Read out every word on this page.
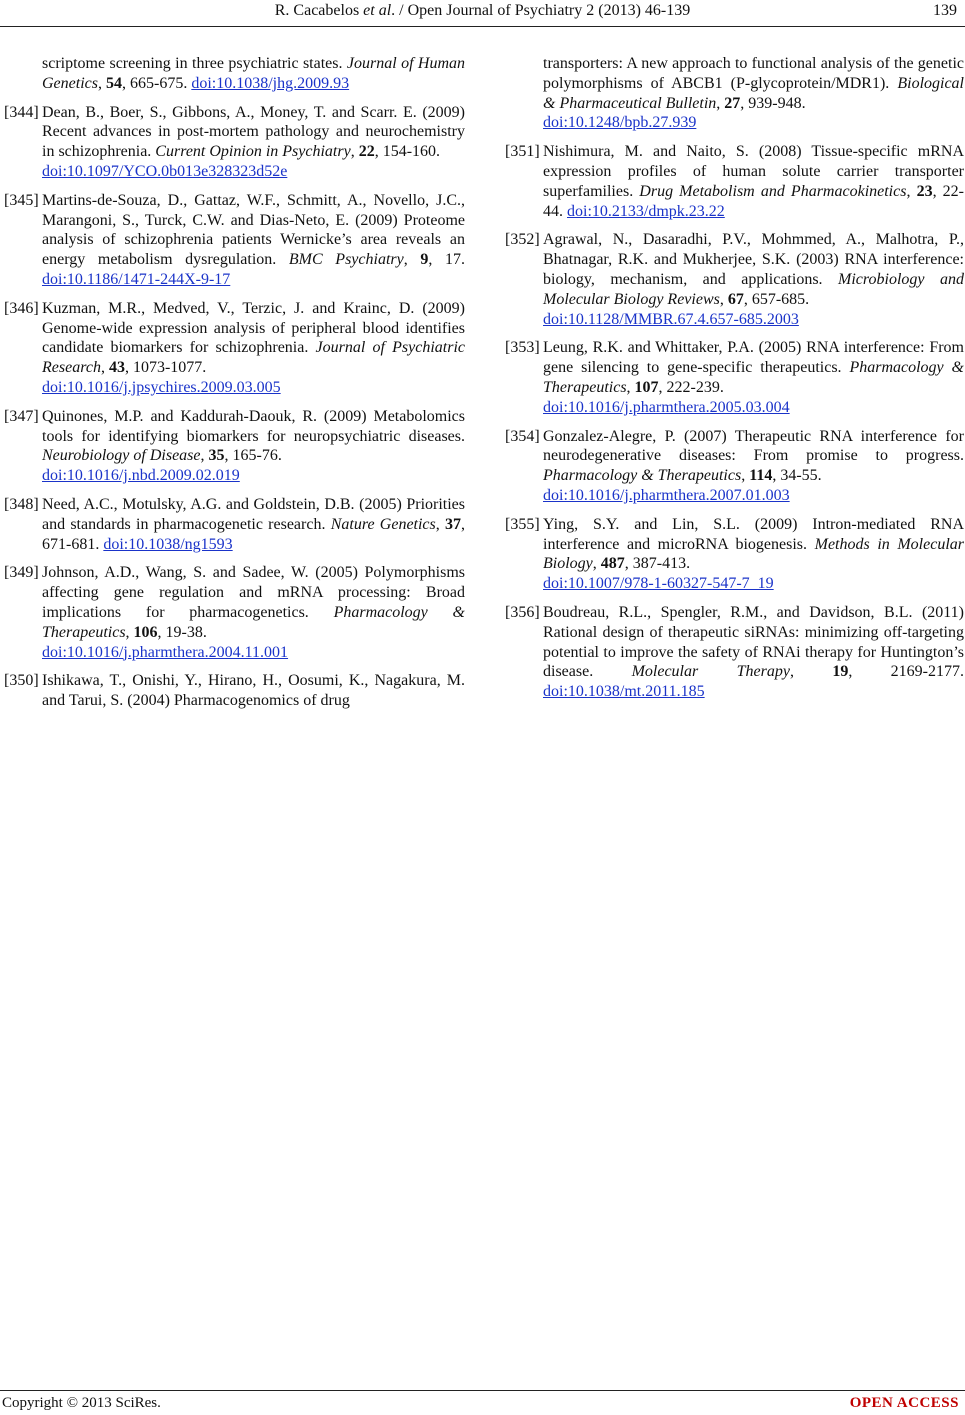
R. Cacabelos et al. / Open Journal of Psychiatry 2 (2013) 46-139	139
scriptome screening in three psychiatric states. Journal of Human Genetics, 54, 665-675. doi:10.1038/jhg.2009.93
[344] Dean, B., Boer, S., Gibbons, A., Money, T. and Scarr. E. (2009) Recent advances in post-mortem pathology and neurochemistry in schizophrenia. Current Opinion in Psychiatry, 22, 154-160.
doi:10.1097/YCO.0b013e328323d52e
[345] Martins-de-Souza, D., Gattaz, W.F., Schmitt, A., Novello, J.C., Marangoni, S., Turck, C.W. and Dias-Neto, E. (2009) Proteome analysis of schizophrenia patients Wernicke’s area reveals an energy metabolism dysregulation. BMC Psychiatry, 9, 17. doi:10.1186/1471-244X-9-17
[346] Kuzman, M.R., Medved, V., Terzic, J. and Krainc, D. (2009) Genome-wide expression analysis of peripheral blood identifies candidate biomarkers for schizophrenia. Journal of Psychiatric Research, 43, 1073-1077.
doi:10.1016/j.jpsychires.2009.03.005
[347] Quinones, M.P. and Kaddurah-Daouk, R. (2009) Metabolomics tools for identifying biomarkers for neuropsychiatric diseases. Neurobiology of Disease, 35, 165-76.
doi:10.1016/j.nbd.2009.02.019
[348] Need, A.C., Motulsky, A.G. and Goldstein, D.B. (2005) Priorities and standards in pharmacogenetic research. Nature Genetics, 37, 671-681. doi:10.1038/ng1593
[349] Johnson, A.D., Wang, S. and Sadee, W. (2005) Polymorphisms affecting gene regulation and mRNA processing: Broad implications for pharmacogenetics. Pharmacology & Therapeutics, 106, 19-38.
doi:10.1016/j.pharmthera.2004.11.001
[350] Ishikawa, T., Onishi, Y., Hirano, H., Oosumi, K., Nagakura, M. and Tarui, S. (2004) Pharmacogenomics of drug
transporters: A new approach to functional analysis of the genetic polymorphisms of ABCB1 (P-glycoprotein/MDR1). Biological & Pharmaceutical Bulletin, 27, 939-948.
doi:10.1248/bpb.27.939
[351] Nishimura, M. and Naito, S. (2008) Tissue-specific mRNA expression profiles of human solute carrier transporter superfamilies. Drug Metabolism and Pharmacokinetics, 23, 22-44. doi:10.2133/dmpk.23.22
[352] Agrawal, N., Dasaradhi, P.V., Mohmmed, A., Malhotra, P., Bhatnagar, R.K. and Mukherjee, S.K. (2003) RNA interference: biology, mechanism, and applications. Microbiology and Molecular Biology Reviews, 67, 657-685.
doi:10.1128/MMBR.67.4.657-685.2003
[353] Leung, R.K. and Whittaker, P.A. (2005) RNA interference: From gene silencing to gene-specific therapeutics. Pharmacology & Therapeutics, 107, 222-239.
doi:10.1016/j.pharmthera.2005.03.004
[354] Gonzalez-Alegre, P. (2007) Therapeutic RNA interference for neurodegenerative diseases: From promise to progress. Pharmacology & Therapeutics, 114, 34-55.
doi:10.1016/j.pharmthera.2007.01.003
[355] Ying, S.Y. and Lin, S.L. (2009) Intron-mediated RNA interference and microRNA biogenesis. Methods in Molecular Biology, 487, 387-413.
doi:10.1007/978-1-60327-547-7_19
[356] Boudreau, R.L., Spengler, R.M., and Davidson, B.L. (2011) Rational design of therapeutic siRNAs: minimizing off-targeting potential to improve the safety of RNAi therapy for Huntington’s disease. Molecular Therapy, 19, 2169-2177. doi:10.1038/mt.2011.185
Copyright © 2013 SciRes.	OPEN ACCESS
